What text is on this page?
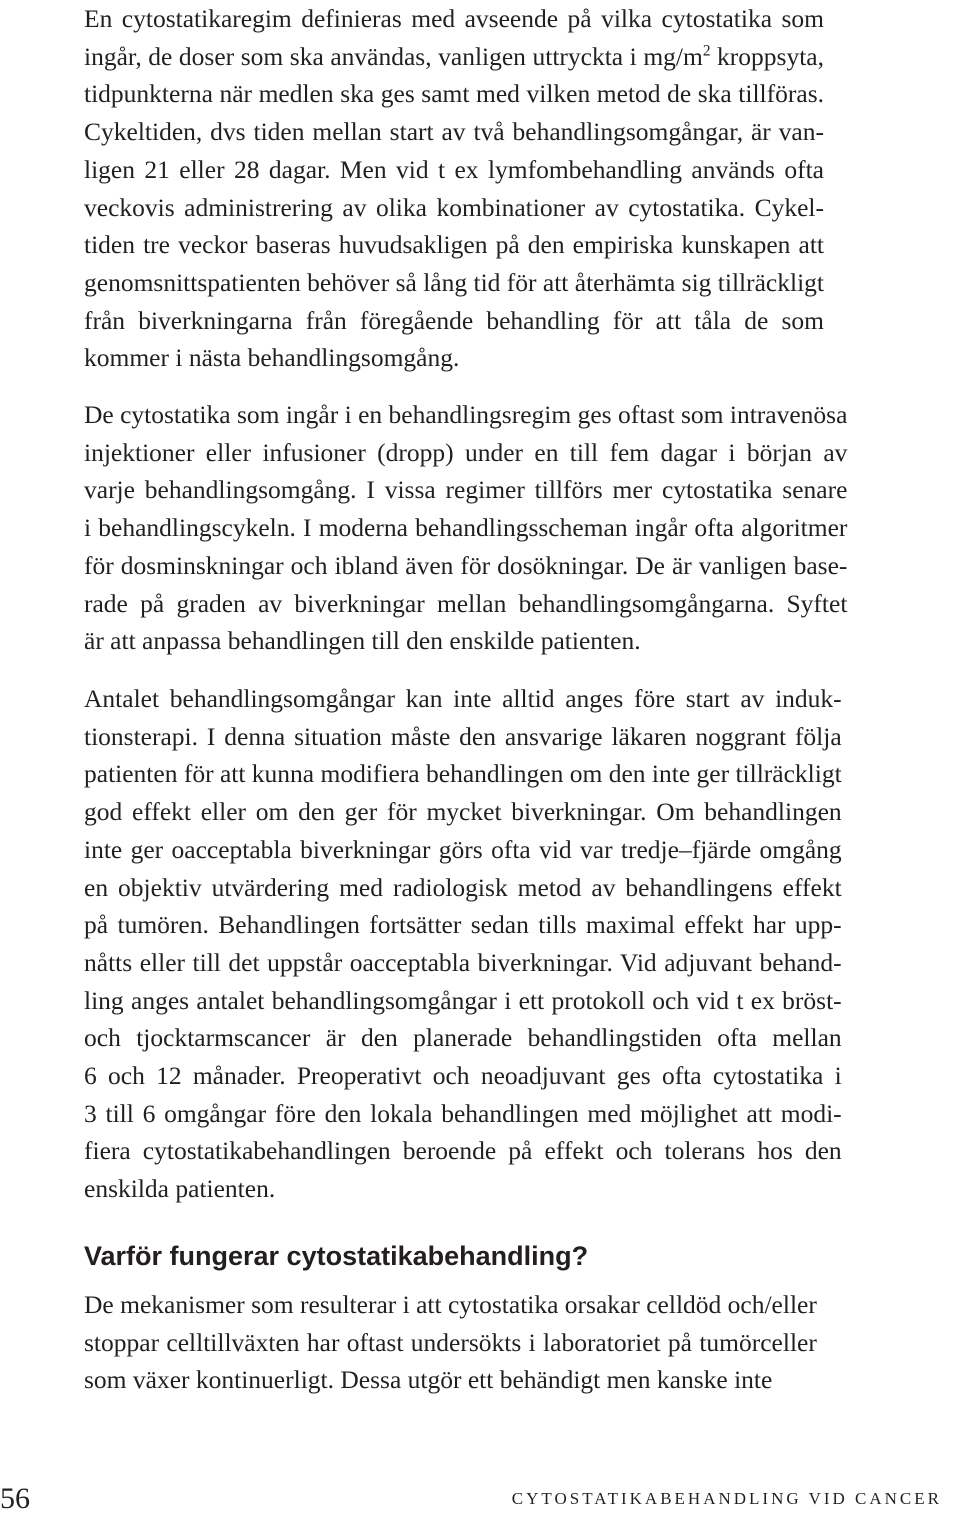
En cytostatikaregim definieras med avseende på vilka cytostatika som
ingår, de doser som ska användas, vanligen uttryckta i $mg/m^2$ kroppsyta,
tidpunkterna när medlen ska ges samt med vilken metod de ska tillföras.
Cykeltiden, dvs tiden mellan start av två behandlingsomgångar, är van-
ligen 21 eller 28 dagar. Men vid t ex lymfombehandling används ofta
veckovis administrering av olika kombinationer av cytostatika. Cykel-
tiden tre veckor baseras huvudsakligen på den empiriska kunskapen att
genomsnittspatienten behöver så lång tid för att återhämta sig tillräckligt
från biverkningarna från föregående behandling för att tåla de som
kommer i nästa behandlingsomgång.

De cytostatika som ingår i en behandlingsregim ges oftast som intravenösa
injektioner eller infusioner (dropp) under en till fem dagar i början av
varje behandlingsomgång. I vissa regimer tillförs mer cytostatika senare
i behandlingscykeln. I moderna behandlingsscheman ingår ofta algoritmer
för dosminskningar och ibland även för dosökningar. De är vanligen base-
rade på graden av biverkningar mellan behandlingsomgångarna. Syftet
är att anpassa behandlingen till den enskilde patienten.

Antalet behandlingsomgångar kan inte alltid anges före start av induk-
tionsterapi. I denna situation måste den ansvarige läkaren noggrant följa
patienten för att kunna modifiera behandlingen om den inte ger tillräckligt
god effekt eller om den ger för mycket biverkningar. Om behandlingen
inte ger oacceptabla biverkningar görs ofta vid var tredje–fjärde omgång
en objektiv utvärdering med radiologisk metod av behandlingens effekt
på tumören. Behandlingen fortsätter sedan tills maximal effekt har upp-
nåtts eller till det uppstår oacceptabla biverkningar. Vid adjuvant behand-
ling anges antalet behandlingsomgångar i ett protokoll och vid t ex bröst-
och tjocktarmscancer är den planerade behandlingstiden ofta mellan
6 och 12 månader. Preoperativt och neoadjuvant ges ofta cytostatika i
3 till 6 omgångar före den lokala behandlingen med möjlighet att modi-
fiera cytostatikabehandlingen beroende på effekt och tolerans hos den
enskilda patienten.

Varför fungerar cytostatikabehandling?

De mekanismer som resulterar i att cytostatika orsakar celldöd och/eller
stoppar celltillväxten har oftast undersökts i laboratoriet på tumörceller
som växer kontinuerligt. Dessa utgör ett behändigt men kanske inte

56	CYTOSTATIKABEHANDLING VID CANCER
